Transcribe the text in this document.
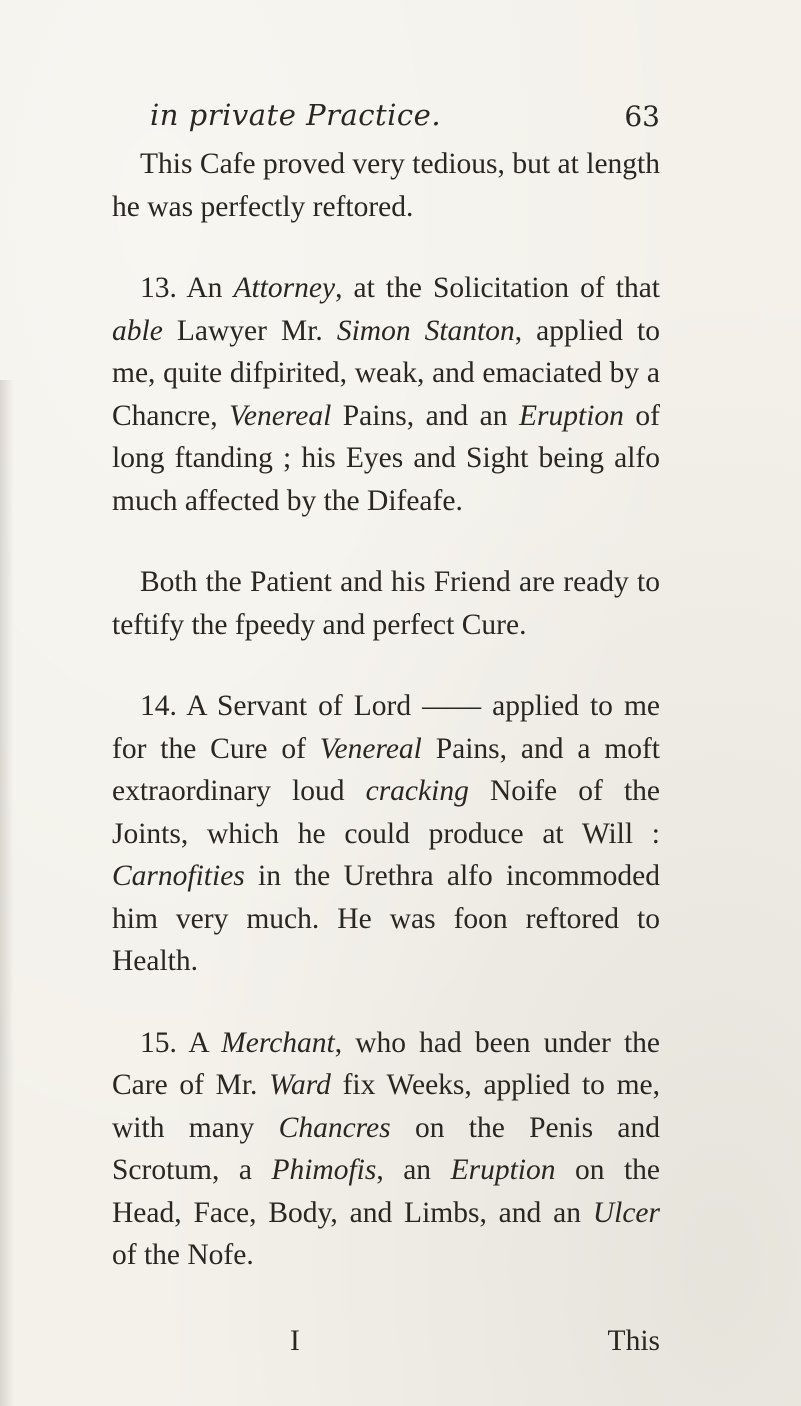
in private Practice.	63

This Cafe proved very tedious, but at length he was perfectly reftored.

13. An Attorney, at the Solicitation of that able Lawyer Mr. Simon Stanton, applied to me, quite difpirited, weak, and emaciated by a Chancre, Venereal Pains, and an Eruption of long ftanding ; his Eyes and Sight being alfo much affected by the Difeafe.

Both the Patient and his Friend are ready to teftify the fpeedy and perfect Cure.

14. A Servant of Lord —— applied to me for the Cure of Venereal Pains, and a moft extraordinary loud cracking Noife of the Joints, which he could produce at Will : Carnofities in the Urethra alfo incommoded him very much. He was foon reftored to Health.

15. A Merchant, who had been under the Care of Mr. Ward fix Weeks, applied to me, with many Chancres on the Penis and Scrotum, a Phimofis, an Eruption on the Head, Face, Body, and Limbs, and an Ulcer of the Nofe.

I	This
